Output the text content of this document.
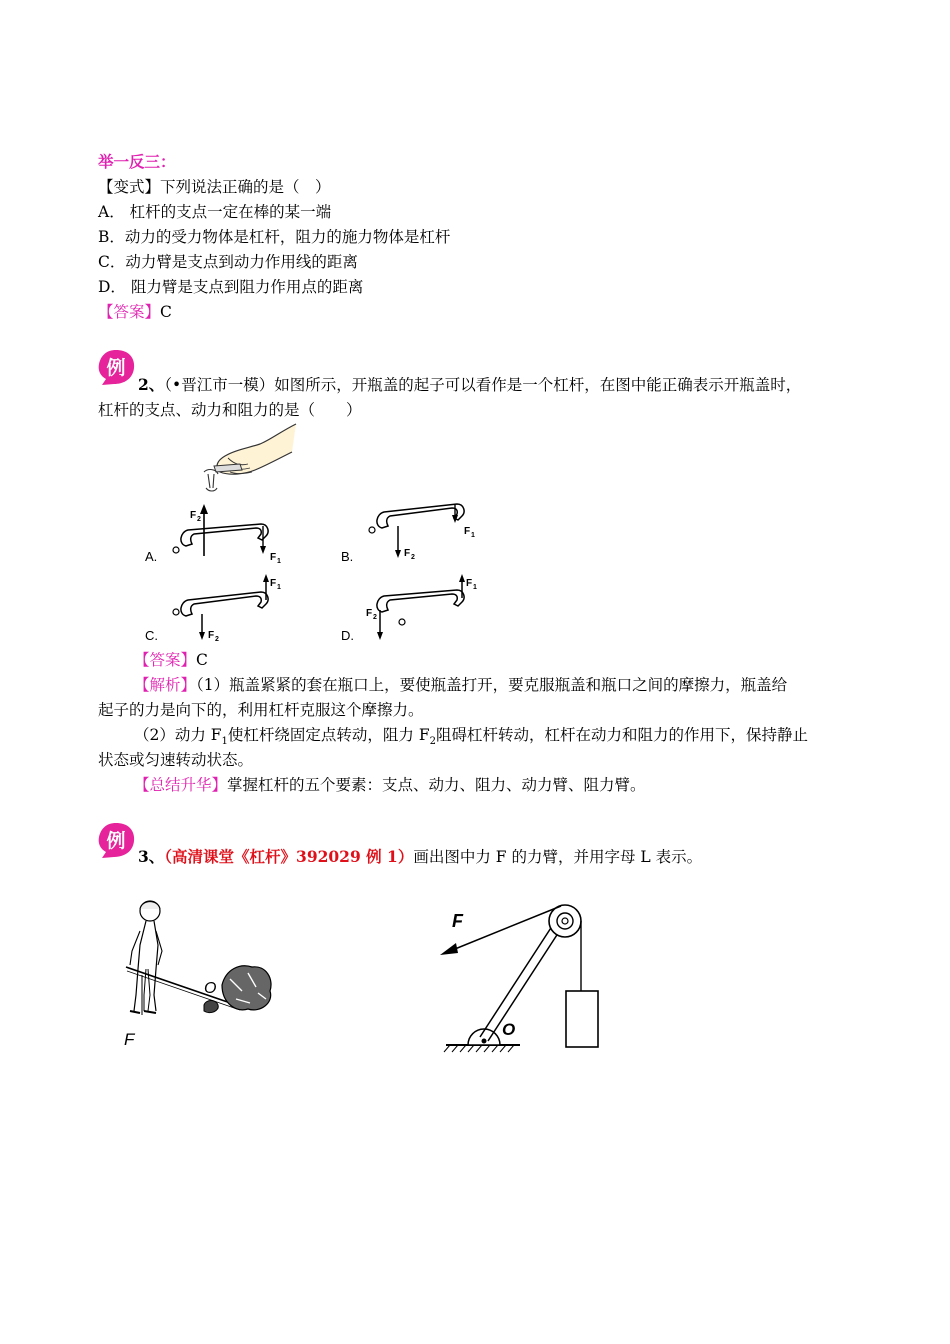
举一反三：
【变式】下列说法正确的是（　）
A． 杠杆的支点一定在棒的某一端
B．动力的受力物体是杠杆，阻力的施力物体是杠杆
C．动力臂是支点到动力作用线的距离
D． 阻力臂是支点到阻力作用点的距离
【答案】C
例
2、（•晋江市一模）如图所示，开瓶盖的起子可以看作是一个杠杆，在图中能正确表示开瓶盖时，
杠杆的支点、动力和阻力的是（　　）
F 2
F 1
A.	F 2
F 1
B.
F 2
F 1
C.
F 2
F 1
D.
【答案】C
【解析】（1）瓶盖紧紧的套在瓶口上，要使瓶盖打开，要克服瓶盖和瓶口之间的摩擦力，瓶盖给
起子的力是向下的，利用杠杆克服这个摩擦力。
（2）动力 $F_1$使杠杆绕固定点转动，阻力 $F_2$阻碍杠杆转动，杠杆在动力和阻力的作用下，保持静止
状态或匀速转动状态。
【总结升华】掌握杠杆的五个要素：支点、动力、阻力、动力臂、阻力臂。
例
3、（高清课堂《杠杆》392029 例 1）画出图中力 F 的力臂，并用字母 L 表示。
O
F
F
O
